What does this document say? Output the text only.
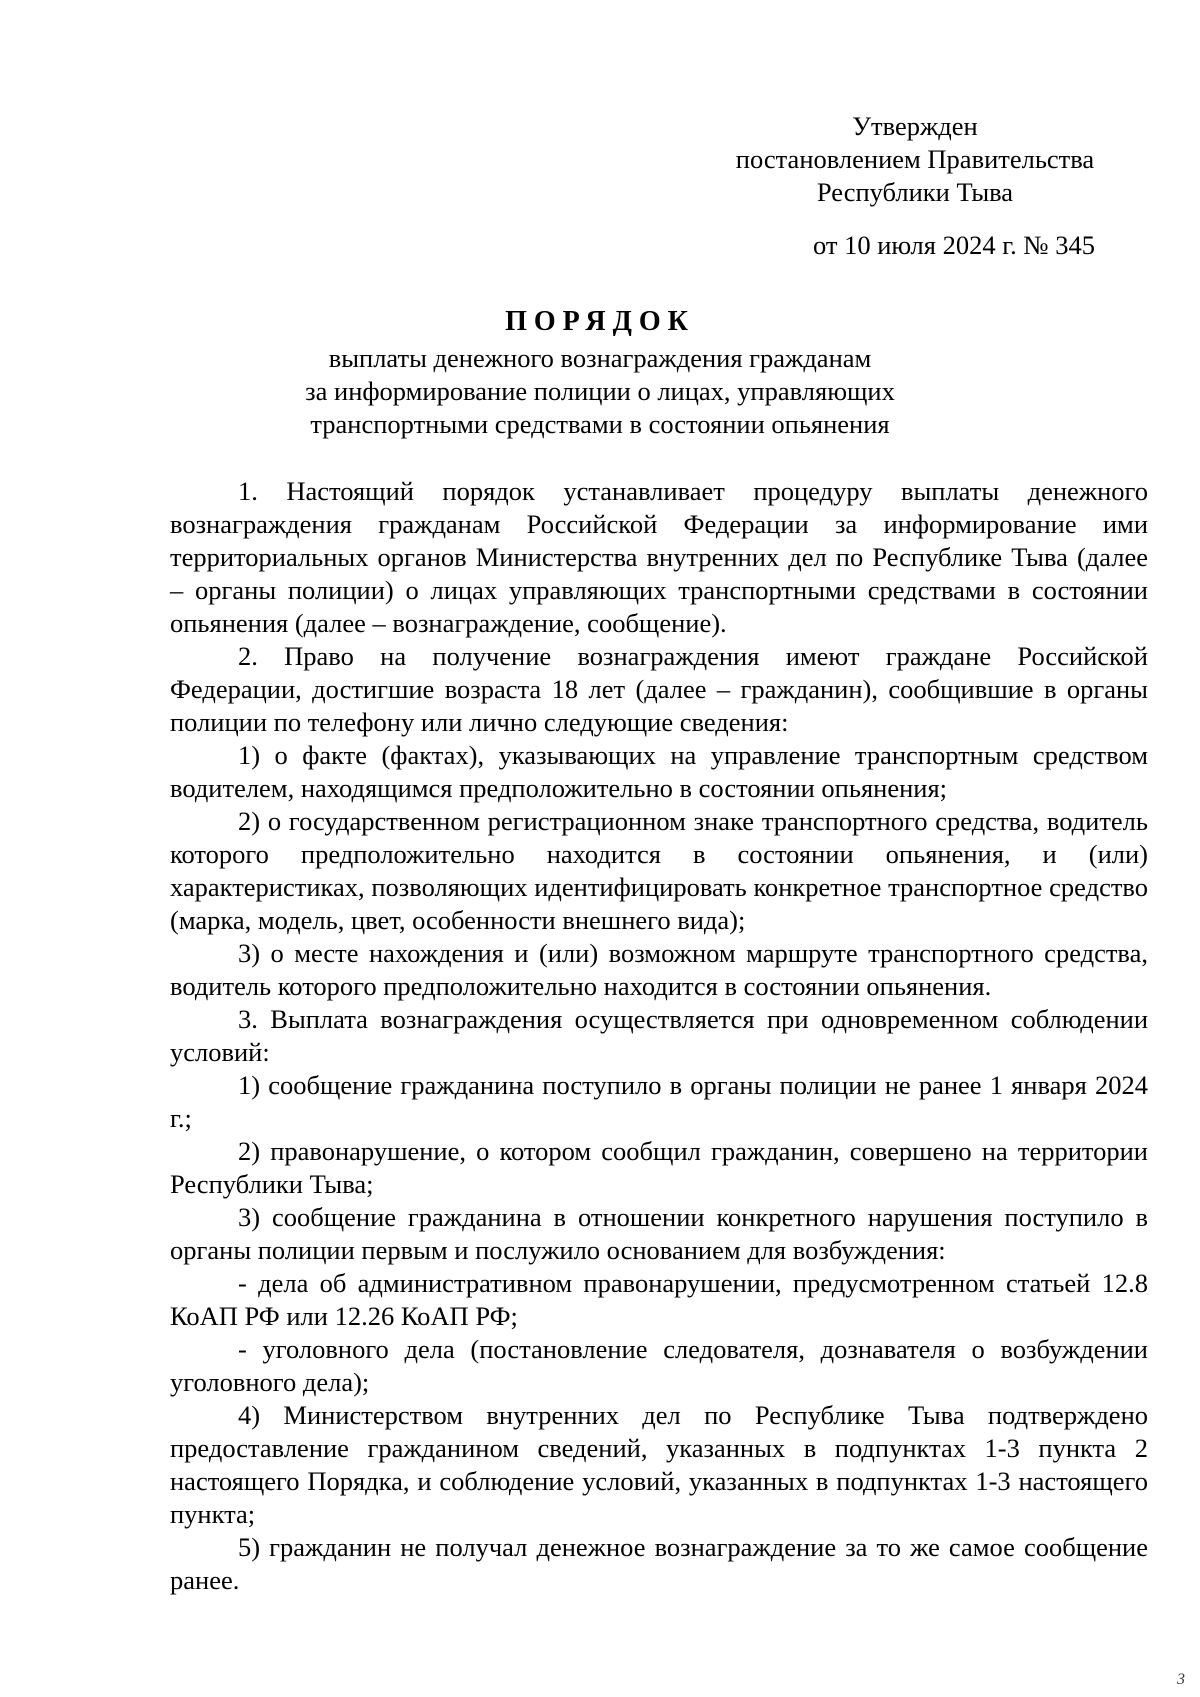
Утвержден
постановлением Правительства
Республики Тыва
от 10 июля 2024 г. № 345
ПОРЯДОК
выплаты денежного вознаграждения гражданам
за информирование полиции о лицах, управляющих
транспортными средствами в состоянии опьянения

1. Настоящий порядок устанавливает процедуру выплаты денежного вознаграждения гражданам Российской Федерации за информирование ими территориальных органов Министерства внутренних дел по Республике Тыва (далее – органы полиции) о лицах управляющих транспортными средствами в состоянии опьянения (далее – вознаграждение, сообщение).

2. Право на получение вознаграждения имеют граждане Российской Федерации, достигшие возраста 18 лет (далее – гражданин), сообщившие в органы полиции по телефону или лично следующие сведения:

1) о факте (фактах), указывающих на управление транспортным средством водителем, находящимся предположительно в состоянии опьянения;

2) о государственном регистрационном знаке транспортного средства, водитель которого предположительно находится в состоянии опьянения, и (или) характеристиках, позволяющих идентифицировать конкретное транспортное средство (марка, модель, цвет, особенности внешнего вида);

3) о месте нахождения и (или) возможном маршруте транспортного средства, водитель которого предположительно находится в состоянии опьянения.

3. Выплата вознаграждения осуществляется при одновременном соблюдении условий:

1) сообщение гражданина поступило в органы полиции не ранее 1 января 2024 г.;

2) правонарушение, о котором сообщил гражданин, совершено на территории Республики Тыва;

3) сообщение гражданина в отношении конкретного нарушения поступило в органы полиции первым и послужило основанием для возбуждения:

- дела об административном правонарушении, предусмотренном статьей 12.8 КоАП РФ или 12.26 КоАП РФ;

- уголовного дела (постановление следователя, дознавателя о возбуждении уголовного дела);

4) Министерством внутренних дел по Республике Тыва подтверждено предоставление гражданином сведений, указанных в подпунктах 1-3 пункта 2 настоящего Порядка, и соблюдение условий, указанных в подпунктах 1-3 настоящего пункта;

5) гражданин не получал денежное вознаграждение за то же самое сообщение ранее.

3
